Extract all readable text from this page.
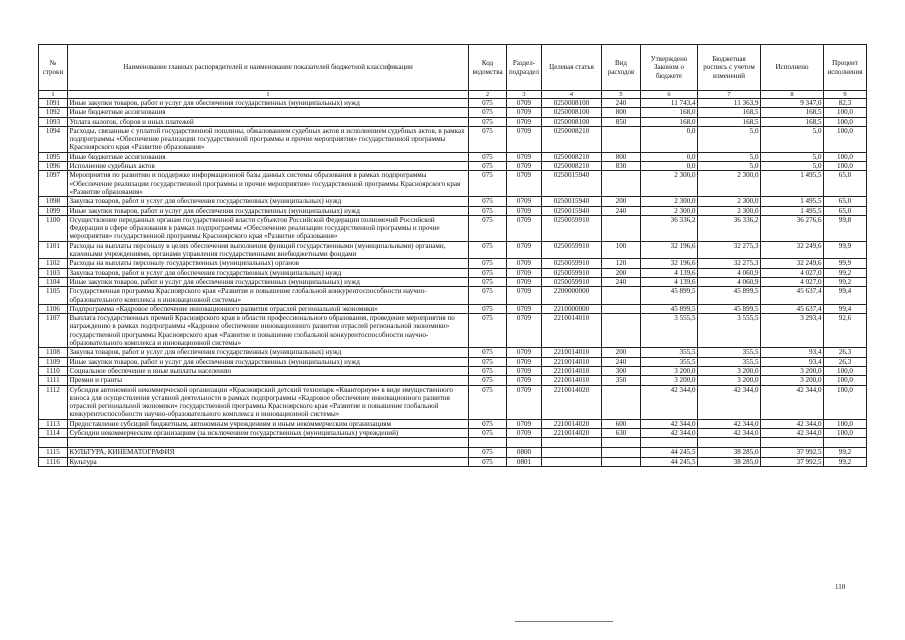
№ строки	Наименование главных распорядителей и наименование показателей бюджетной классификации	Код ведомства	Раздел-подраздел	Целевая статья	Вид расходов	Утверждено Законом о бюджете	Бюджетная роспись с учетом изменений	Исполнено	Процент исполнения
1	1	2	3	4	5	6	7	8	9
1091	Иные закупки товаров, работ и услуг для обеспечения государственных (муниципальных) нужд	075	0709	0250008100	240	11 743,4	11 363,9	9 347,0	82,3
1092	Иные бюджетные ассигнования	075	0709	0250008100	800	168,0	168,5	168,5	100,0
1093	Уплата налогов, сборов и иных платежей	075	0709	0250008100	850	168,0	168,5	168,5	100,0
1094	Расходы, связанные с уплатой государственной пошлины, обжалованием судебных актов и исполнением судебных актов, в рамках подпрограммы «Обеспечение реализации государственной программы и прочие мероприятия» государственной программы Красноярского края «Развитие образования»	075	0709	0250008210		0,0	5,0	5,0	100,0
1095	Иные бюджетные ассигнования	075	0709	0250008210	800	0,0	5,0	5,0	100,0
1096	Исполнение судебных актов	075	0709	0250008210	830	0,0	5,0	5,0	100,0
1097	Мероприятия по развитию и поддержке информационной базы данных системы образования в рамках подпрограммы «Обеспечение реализации государственной программы и прочие мероприятия» государственной программы Красноярского края «Развитие образования»	075	0709	0250015940		2 300,0	2 300,0	1 495,5	65,0
1098	Закупка товаров, работ и услуг для обеспечения государственных (муниципальных) нужд	075	0709	0250015940	200	2 300,0	2 300,0	1 495,5	65,0
1099	Иные закупки товаров, работ и услуг для обеспечения государственных (муниципальных) нужд	075	0709	0250015940	240	2 300,0	2 300,0	1 495,5	65,0
1100	Осуществление переданных органам государственной власти субъектов Российской Федерации полномочий Российской Федерации в сфере образования в рамках подпрограммы «Обеспечение реализации государственной программы и прочие мероприятия» государственной программы Красноярского края «Развитие образования»	075	0709	0250059910		36 336,2	36 336,2	36 276,6	99,8
1101	Расходы на выплаты персоналу в целях обеспечения выполнения функций государственными (муниципальными) органами, казенными учреждениями, органами управления государственными внебюджетными фондами	075	0709	0250059910	100	32 196,6	32 275,3	32 249,6	99,9
1102	Расходы на выплаты персоналу государственных (муниципальных) органов	075	0709	0250059910	120	32 196,6	32 275,3	32 249,6	99,9
1103	Закупка товаров, работ и услуг для обеспечения государственных (муниципальных) нужд	075	0709	0250059910	200	4 139,6	4 060,9	4 027,0	99,2
1104	Иные закупки товаров, работ и услуг для обеспечения государственных (муниципальных) нужд	075	0709	0250059910	240	4 139,6	4 060,9	4 027,0	99,2
1105	Государственная программа Красноярского края «Развитие и повышение глобальной конкурентоспособности научно-образовательного комплекса и инновационной системы»	075	0709	2200000000		45 899,5	45 899,5	45 637,4	99,4
1106	Подпрограмма «Кадровое обеспечение инновационного развития отраслей региональной экономики»	075	0709	2210000000		45 899,5	45 899,5	45 637,4	99,4
1107	Выплата государственных премий Красноярского края в области профессионального образования, проведение мероприятия по награждению в рамках подпрограммы «Кадровое обеспечение инновационного развития отраслей региональной экономики» государственной программы Красноярского края «Развитие и повышение глобальной конкурентоспособности научно-образовательного комплекса и инновационной системы»	075	0709	2210014010		3 555,5	3 555,5	3 293,4	92,6
1108	Закупка товаров, работ и услуг для обеспечения государственных (муниципальных) нужд	075	0709	2210014010	200	355,5	355,5	93,4	26,3
1109	Иные закупки товаров, работ и услуг для обеспечения государственных (муниципальных) нужд	075	0709	2210014010	240	355,5	355,5	93,4	26,3
1110	Социальное обеспечение и иные выплаты населению	075	0709	2210014010	300	3 200,0	3 200,0	3 200,0	100,0
1111	Премии и гранты	075	0709	2210014010	350	3 200,0	3 200,0	3 200,0	100,0
1112	Субсидия автономной некоммерческой организации «Красноярский детский технопарк «Кванториум» в виде имущественного взноса для осуществления уставной деятельности в рамках подпрограммы «Кадровое обеспечение инновационного развития отраслей региональной экономики» государственной программы Красноярского края «Развитие и повышение глобальной конкурентоспособности научно-образовательного комплекса и инновационной системы»	075	0709	2210014020		42 344,0	42 344,0	42 344,0	100,0
1113	Предоставление субсидий бюджетным, автономным учреждениям и иным некоммерческим организациям	075	0709	2210014020	600	42 344,0	42 344,0	42 344,0	100,0
1114	Субсидии некоммерческим организациям (за исключением государственных (муниципальных) учреждений)	075	0709	2210014020	630	42 344,0	42 344,0	42 344,0	100,0

1115	КУЛЬТУРА, КИНЕМАТОГРАФИЯ	075	0800			44 245,5	38 285,0	37 992,5	99,2
1116	Культура	075	0801			44 245,5	38 285,0	37 992,5	99,2
110
